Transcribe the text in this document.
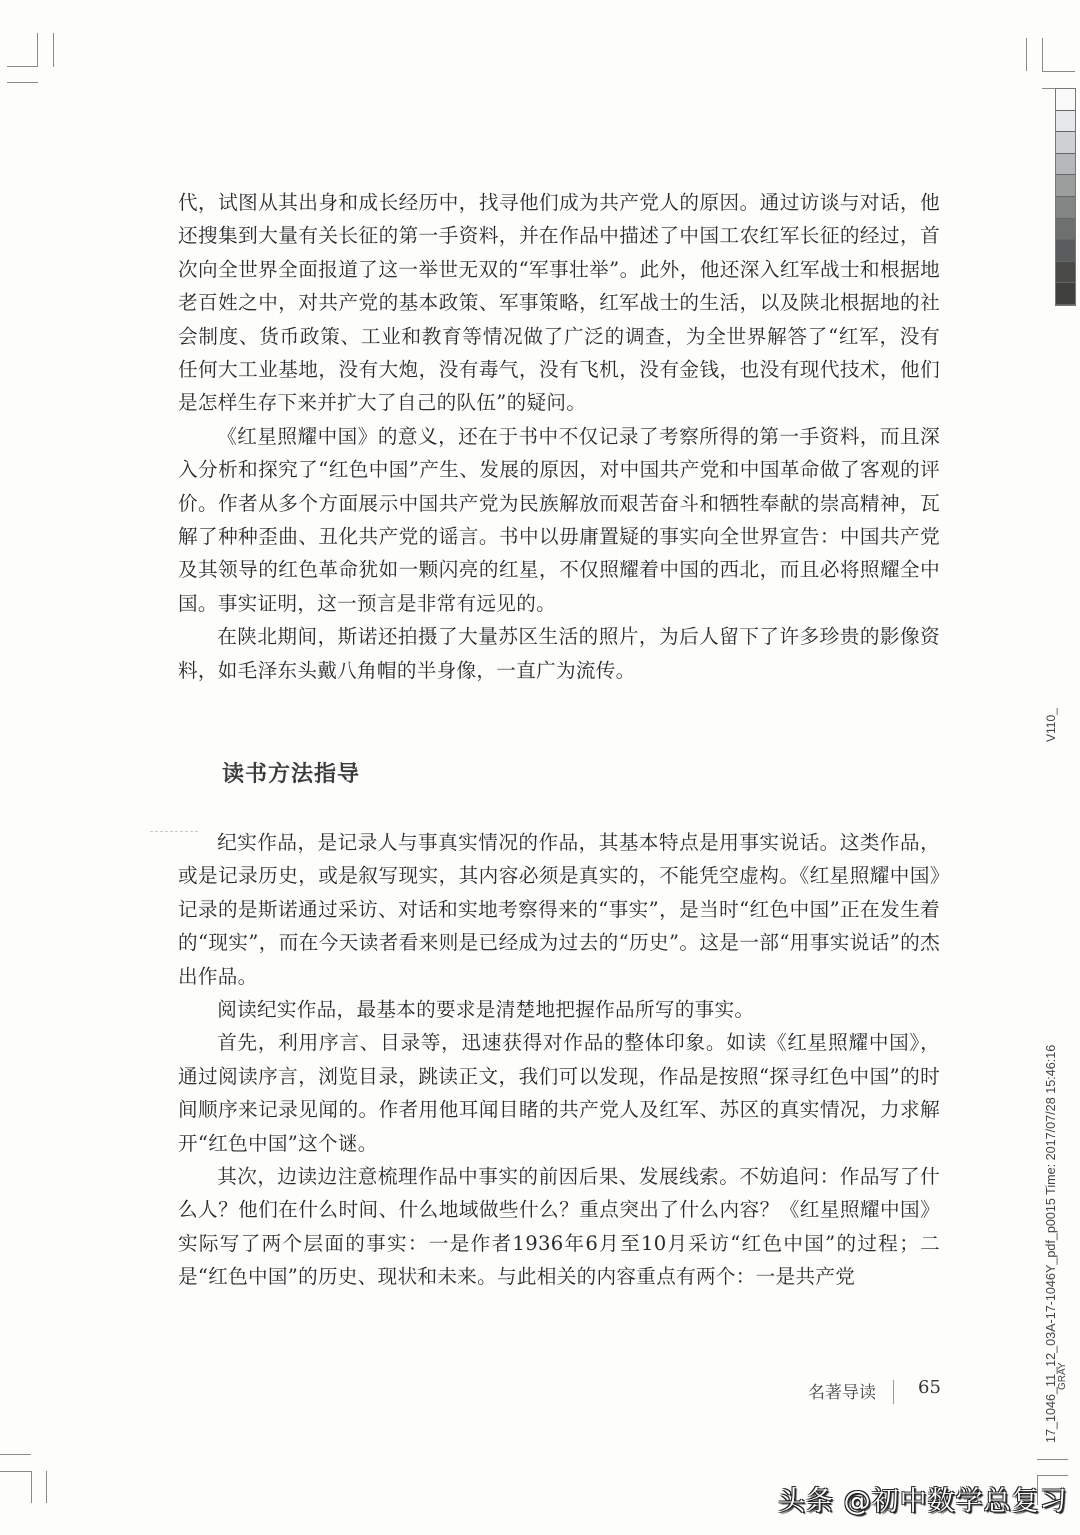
代，试图从其出身和成长经历中，找寻他们成为共产党人的原因。通过访谈与对话，他还搜集到大量有关长征的第一手资料，并在作品中描述了中国工农红军长征的经过，首次向全世界全面报道了这一举世无双的“军事壮举”。此外，他还深入红军战士和根据地老百姓之中，对共产党的基本政策、军事策略，红军战士的生活，以及陕北根据地的社会制度、货币政策、工业和教育等情况做了广泛的调查，为全世界解答了“红军，没有任何大工业基地，没有大炮，没有毒气，没有飞机，没有金钱，也没有现代技术，他们是怎样生存下来并扩大了自己的队伍”的疑问。

《红星照耀中国》的意义，还在于书中不仅记录了考察所得的第一手资料，而且深入分析和探究了“红色中国”产生、发展的原因，对中国共产党和中国革命做了客观的评价。作者从多个方面展示中国共产党为民族解放而艰苦奋斗和牺牲奉献的崇高精神，瓦解了种种歪曲、丑化共产党的谣言。书中以毋庸置疑的事实向全世界宣告：中国共产党及其领导的红色革命犹如一颗闪亮的红星，不仅照耀着中国的西北，而且必将照耀全中国。事实证明，这一预言是非常有远见的。

在陕北期间，斯诺还拍摄了大量苏区生活的照片，为后人留下了许多珍贵的影像资料，如毛泽东头戴八角帽的半身像，一直广为流传。

读书方法指导

纪实作品，是记录人与事真实情况的作品，其基本特点是用事实说话。这类作品，或是记录历史，或是叙写现实，其内容必须是真实的，不能凭空虚构。《红星照耀中国》记录的是斯诺通过采访、对话和实地考察得来的“事实”，是当时“红色中国”正在发生着的“现实”，而在今天读者看来则是已经成为过去的“历史”。这是一部“用事实说话”的杰出作品。

阅读纪实作品，最基本的要求是清楚地把握作品所写的事实。

首先，利用序言、目录等，迅速获得对作品的整体印象。如读《红星照耀中国》，通过阅读序言，浏览目录，跳读正文，我们可以发现，作品是按照“探寻红色中国”的时间顺序来记录见闻的。作者用他耳闻目睹的共产党人及红军、苏区的真实情况，力求解开“红色中国”这个谜。

其次，边读边注意梳理作品中事实的前因后果、发展线索。不妨追问：作品写了什么人？他们在什么时间、什么地域做些什么？重点突出了什么内容？《红星照耀中国》实际写了两个层面的事实：一是作者1936年6月至10月采访“红色中国”的过程；二是“红色中国”的历史、现状和未来。与此相关的内容重点有两个：一是共产党

名著导读 65
V110_
17_1046_11_12_03A-17-1046Y_pdf_p0015 Time: 2017/07/28 15:46:16 GRAY
头条 @初中数学总复习
